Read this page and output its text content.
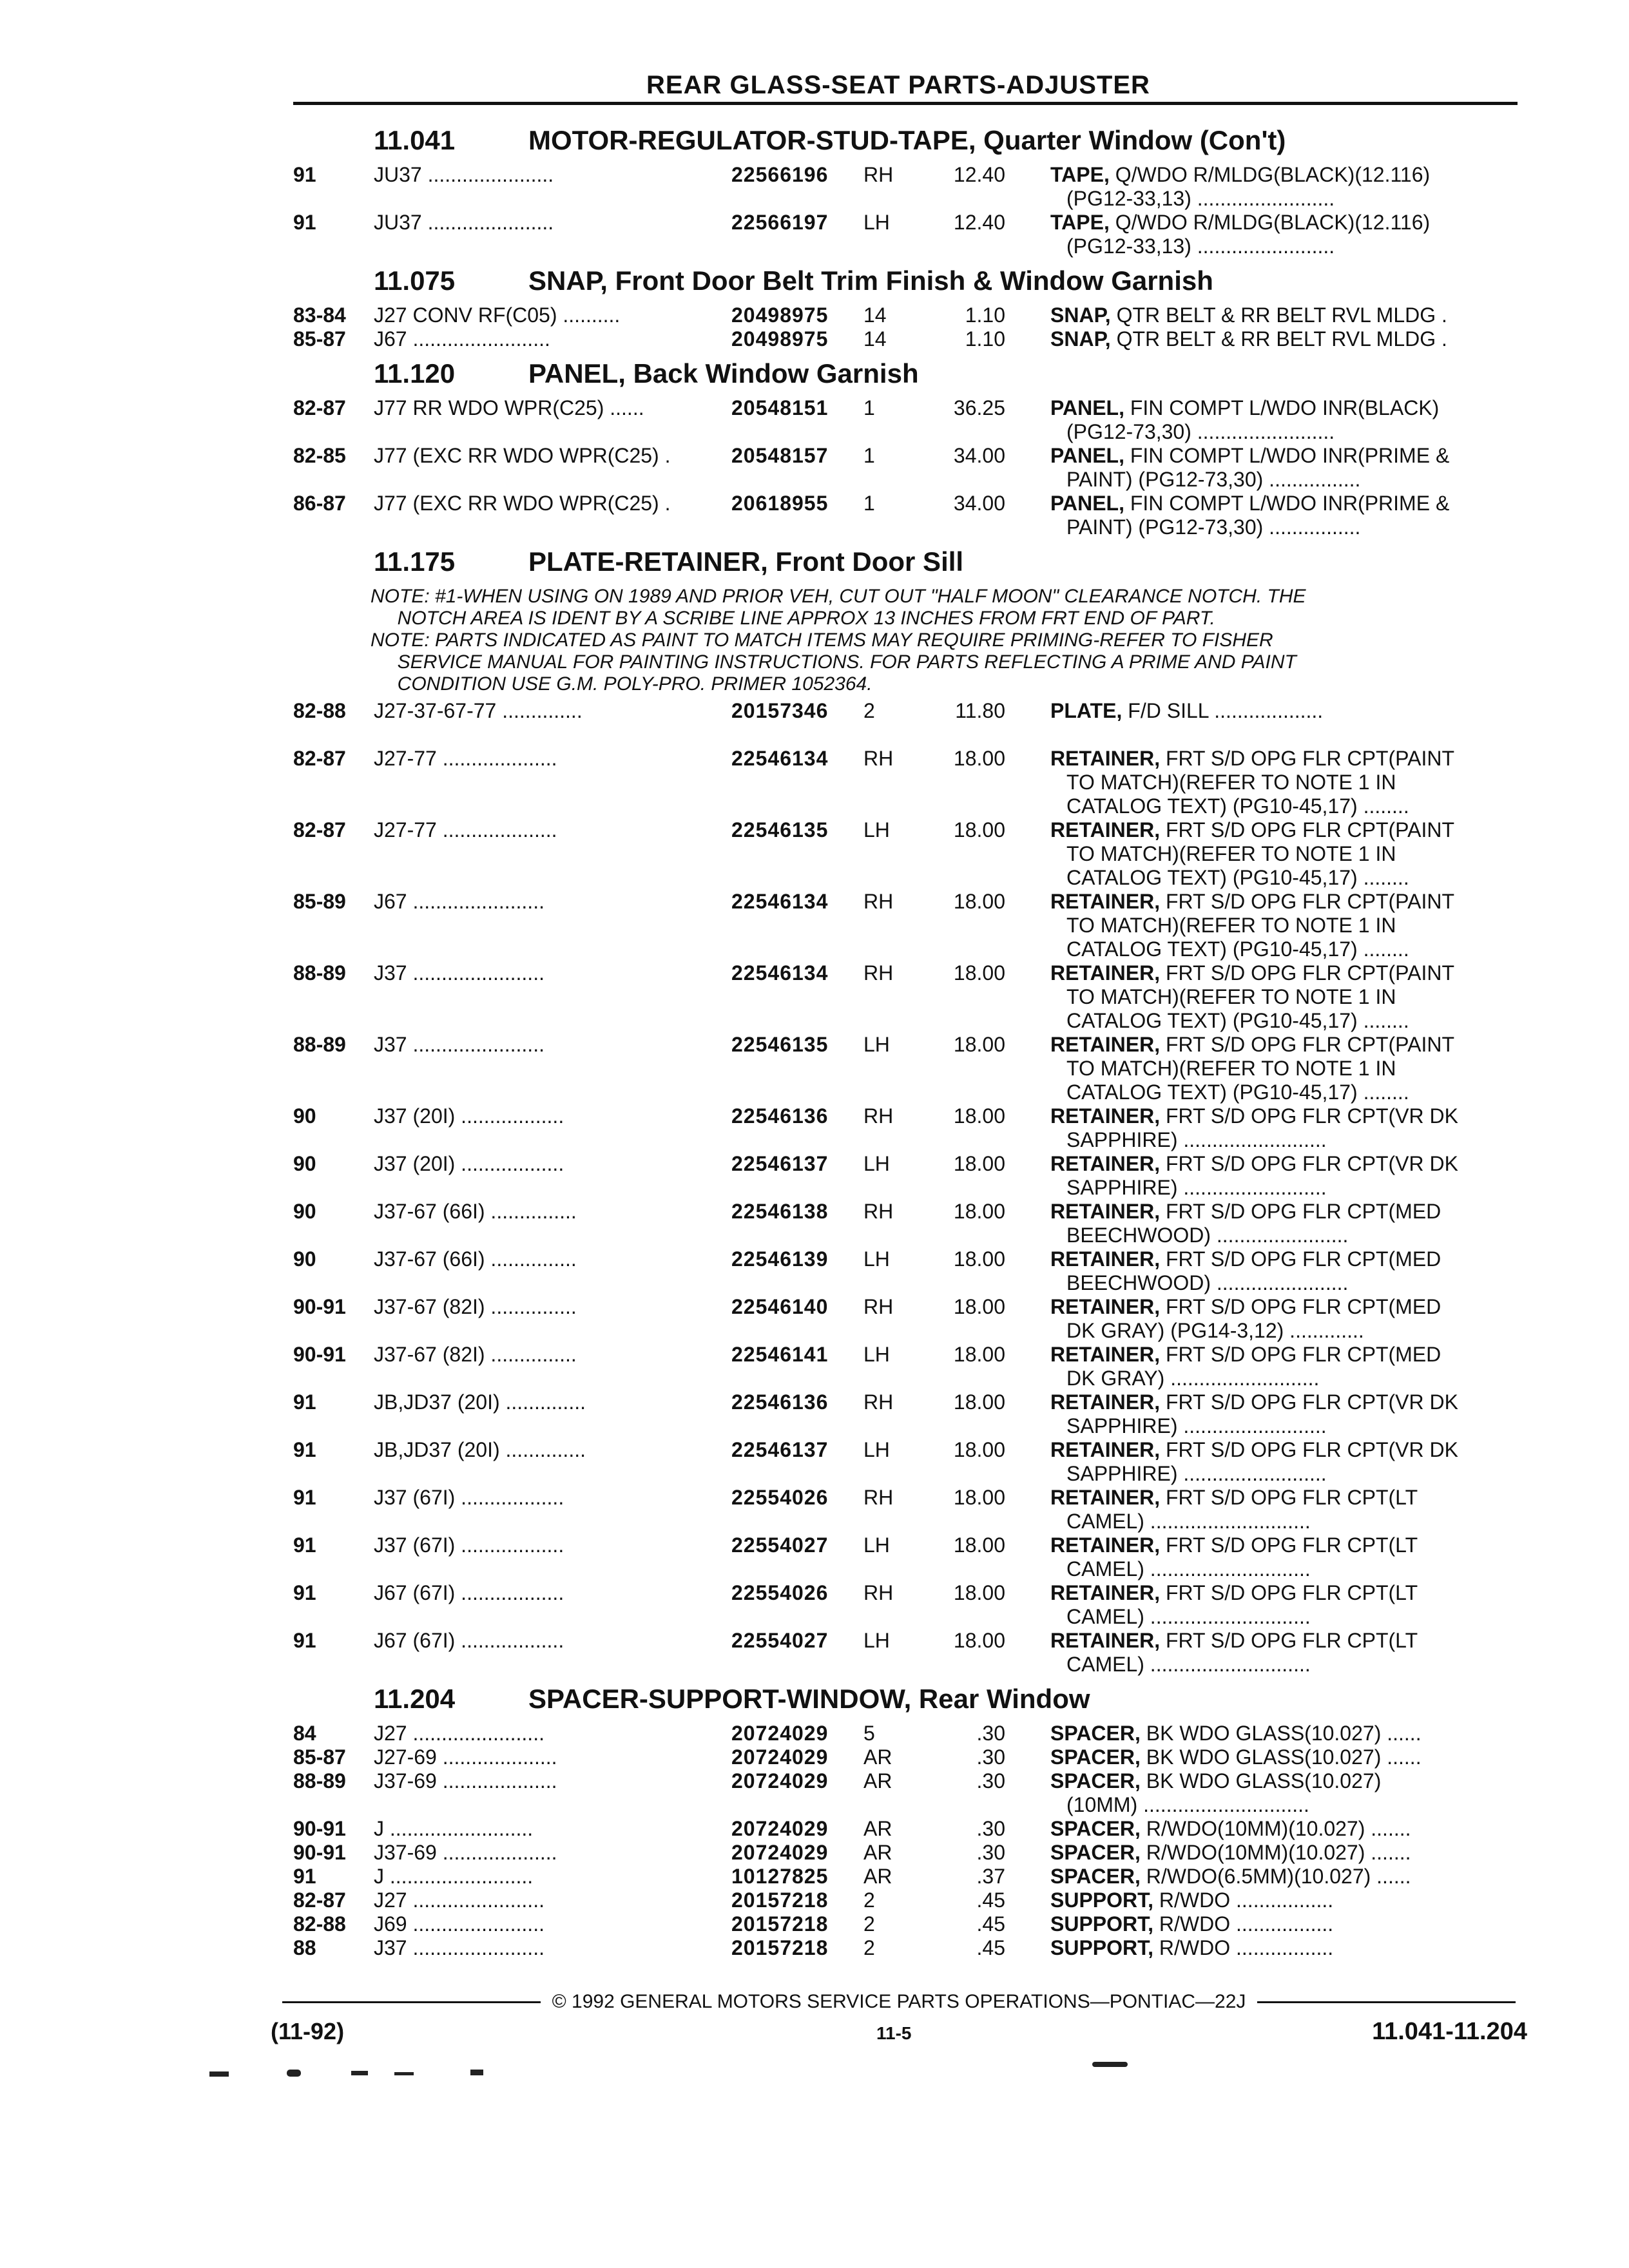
REAR GLASS-SEAT PARTS-ADJUSTER
11.041	MOTOR-REGULATOR-STUD-TAPE, Quarter Window (Con't)
91	JU37 ......................	22566196	RH	12.40 TAPE, Q/WDO R/MLDG(BLACK)(12.116)
(PG12-33,13) ........................
91	JU37 ......................	22566197	LH	12.40 TAPE, Q/WDO R/MLDG(BLACK)(12.116)
(PG12-33,13) ........................
11.075	SNAP, Front Door Belt Trim Finish & Window Garnish
83-84	J27 CONV RF(C05) ..........	20498975	14	1.10 SNAP, QTR BELT & RR BELT RVL MLDG .
85-87	J67 ........................	20498975	14	1.10 SNAP, QTR BELT & RR BELT RVL MLDG .
11.120	PANEL, Back Window Garnish
82-87	J77 RR WDO WPR(C25) ......	20548151	1	36.25 PANEL, FIN COMPT L/WDO INR(BLACK)
(PG12-73,30) ........................
82-85	J77 (EXC RR WDO WPR(C25) .	20548157	1	34.00 PANEL, FIN COMPT L/WDO INR(PRIME &
PAINT) (PG12-73,30) ................
86-87	J77 (EXC RR WDO WPR(C25) .	20618955	1	34.00 PANEL, FIN COMPT L/WDO INR(PRIME &
PAINT) (PG12-73,30) ................
11.175	PLATE-RETAINER, Front Door Sill
NOTE: #1-WHEN USING ON 1989 AND PRIOR VEH, CUT OUT "HALF MOON" CLEARANCE NOTCH. THE
NOTCH AREA IS IDENT BY A SCRIBE LINE APPROX 13 INCHES FROM FRT END OF PART.
NOTE: PARTS INDICATED AS PAINT TO MATCH ITEMS MAY REQUIRE PRIMING-REFER TO FISHER
SERVICE MANUAL FOR PAINTING INSTRUCTIONS. FOR PARTS REFLECTING A PRIME AND PAINT
CONDITION USE G.M. POLY-PRO. PRIMER 1052364.
82-88	J27-37-67-77 ..............	20157346	2	11.80 PLATE, F/D SILL ...................
82-87	J27-77 ....................	22546134	RH	18.00 RETAINER, FRT S/D OPG FLR CPT(PAINT
TO MATCH)(REFER TO NOTE 1 IN
CATALOG TEXT) (PG10-45,17) ........
82-87	J27-77 ....................	22546135	LH	18.00 RETAINER, FRT S/D OPG FLR CPT(PAINT
TO MATCH)(REFER TO NOTE 1 IN
CATALOG TEXT) (PG10-45,17) ........
85-89	J67 .......................	22546134	RH	18.00 RETAINER, FRT S/D OPG FLR CPT(PAINT
TO MATCH)(REFER TO NOTE 1 IN
CATALOG TEXT) (PG10-45,17) ........
88-89	J37 .......................	22546134	RH	18.00 RETAINER, FRT S/D OPG FLR CPT(PAINT
TO MATCH)(REFER TO NOTE 1 IN
CATALOG TEXT) (PG10-45,17) ........
88-89	J37 .......................	22546135	LH	18.00 RETAINER, FRT S/D OPG FLR CPT(PAINT
TO MATCH)(REFER TO NOTE 1 IN
CATALOG TEXT) (PG10-45,17) ........
90	J37 (20I) ..................	22546136	RH	18.00 RETAINER, FRT S/D OPG FLR CPT(VR DK
SAPPHIRE) .........................
90	J37 (20I) ..................	22546137	LH	18.00 RETAINER, FRT S/D OPG FLR CPT(VR DK
SAPPHIRE) .........................
90	J37-67 (66I) ...............	22546138	RH	18.00 RETAINER, FRT S/D OPG FLR CPT(MED
BEECHWOOD) .......................
90	J37-67 (66I) ...............	22546139	LH	18.00 RETAINER, FRT S/D OPG FLR CPT(MED
BEECHWOOD) .......................
90-91	J37-67 (82I) ...............	22546140	RH	18.00 RETAINER, FRT S/D OPG FLR CPT(MED
DK GRAY) (PG14-3,12) .............
90-91	J37-67 (82I) ...............	22546141	LH	18.00 RETAINER, FRT S/D OPG FLR CPT(MED
DK GRAY) ..........................
91	JB,JD37 (20I) ..............	22546136	RH	18.00 RETAINER, FRT S/D OPG FLR CPT(VR DK
SAPPHIRE) .........................
91	JB,JD37 (20I) ..............	22546137	LH	18.00 RETAINER, FRT S/D OPG FLR CPT(VR DK
SAPPHIRE) .........................
91	J37 (67I) ..................	22554026	RH	18.00 RETAINER, FRT S/D OPG FLR CPT(LT
CAMEL) ............................
91	J37 (67I) ..................	22554027	LH	18.00 RETAINER, FRT S/D OPG FLR CPT(LT
CAMEL) ............................
91	J67 (67I) ..................	22554026	RH	18.00 RETAINER, FRT S/D OPG FLR CPT(LT
CAMEL) ............................
91	J67 (67I) ..................	22554027	LH	18.00 RETAINER, FRT S/D OPG FLR CPT(LT
CAMEL) ............................
11.204	SPACER-SUPPORT-WINDOW, Rear Window
84	J27 .......................	20724029	5	.30 SPACER, BK WDO GLASS(10.027) ......
85-87	J27-69 ....................	20724029	AR	.30 SPACER, BK WDO GLASS(10.027) ......
88-89	J37-69 ....................	20724029	AR	.30 SPACER, BK WDO GLASS(10.027)
(10MM) .............................
90-91	J .........................	20724029	AR	.30 SPACER, R/WDO(10MM)(10.027) .......
90-91	J37-69 ....................	20724029	AR	.30 SPACER, R/WDO(10MM)(10.027) .......
91	J .........................	10127825	AR	.37 SPACER, R/WDO(6.5MM)(10.027) ......
82-87	J27 .......................	20157218	2	.45 SUPPORT, R/WDO .................
82-88	J69 .......................	20157218	2	.45 SUPPORT, R/WDO .................
88	J37 .......................	20157218	2	.45 SUPPORT, R/WDO .................
© 1992 GENERAL MOTORS SERVICE PARTS OPERATIONS—PONTIAC—22J
(11-92)	11-5	11.041-11.204
